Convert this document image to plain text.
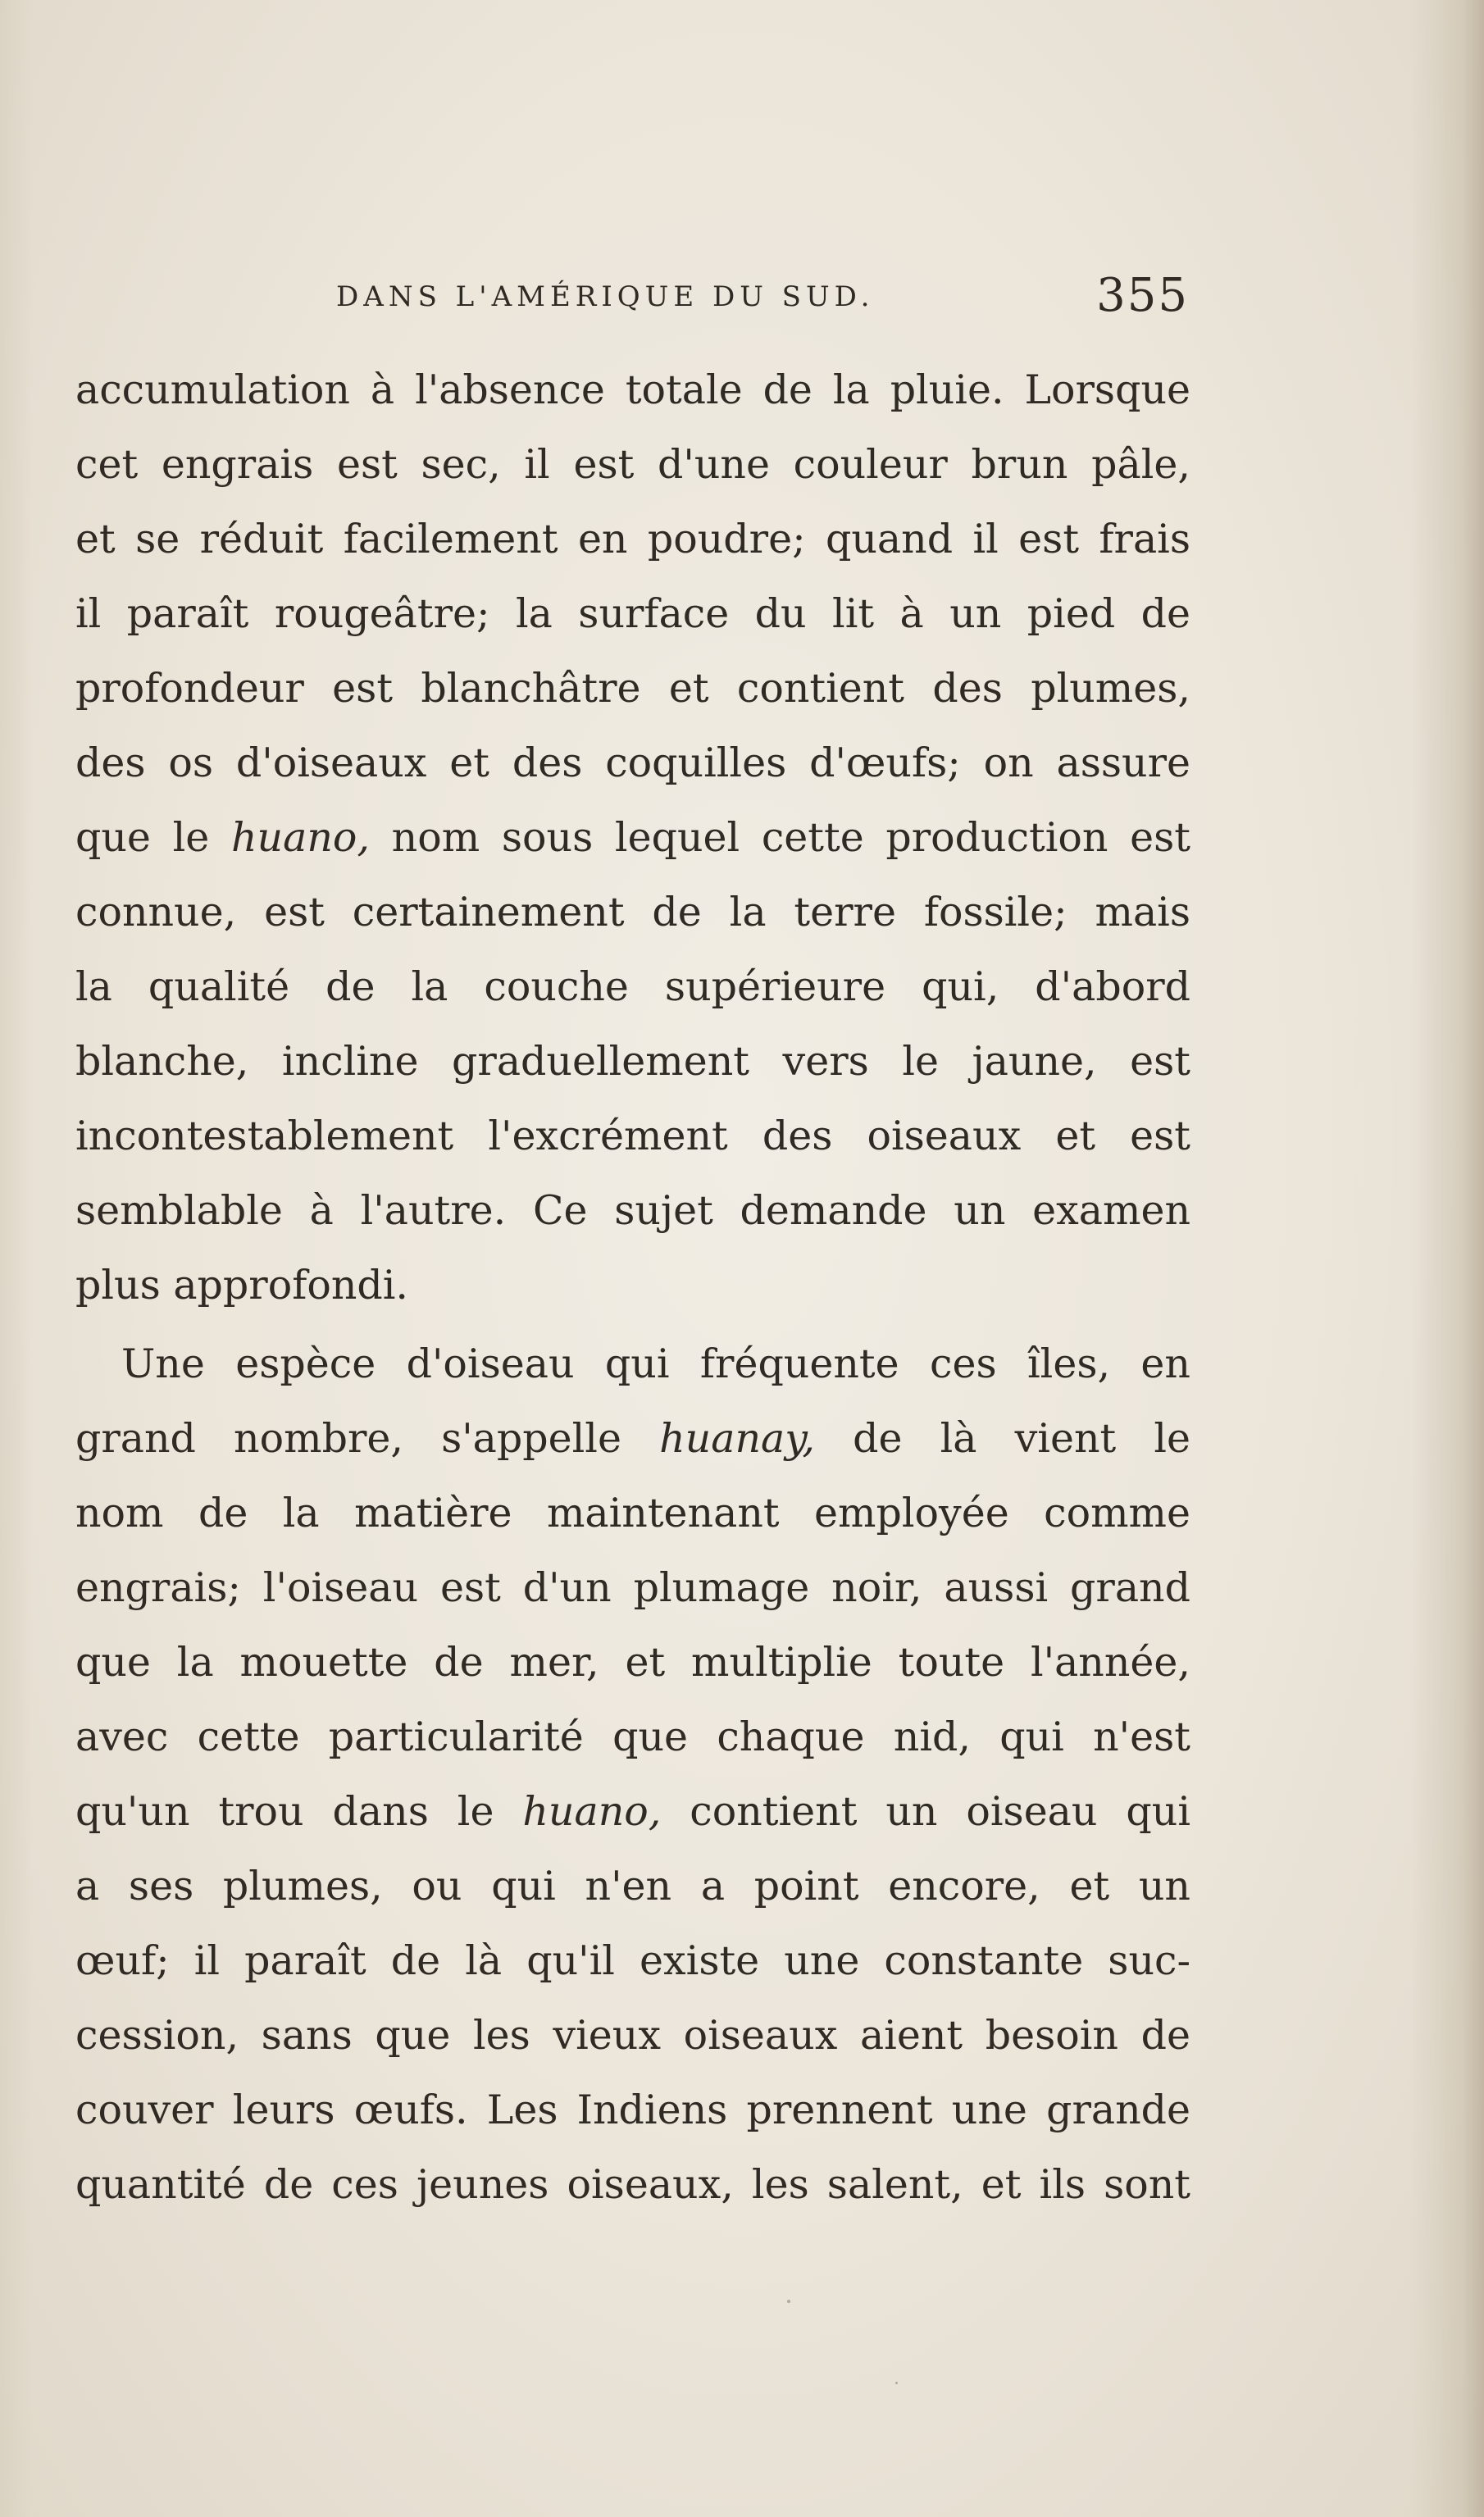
DANS L'AMÉRIQUE DU SUD.	355
accumulation à l'absence totale de la pluie. Lorsque
cet engrais est sec, il est d'une couleur brun pâle,
et se réduit facilement en poudre; quand il est frais
il paraît rougeâtre; la surface du lit à un pied de
profondeur est blanchâtre et contient des plumes,
des os d'oiseaux et des coquilles d'œufs; on assure
que le huano, nom sous lequel cette production est
connue, est certainement de la terre fossile; mais
la qualité de la couche supérieure qui, d'abord
blanche, incline graduellement vers le jaune, est
incontestablement l'excrément des oiseaux et est
semblable à l'autre. Ce sujet demande un examen
plus approfondi.
Une espèce d'oiseau qui fréquente ces îles, en
grand nombre, s'appelle huanay, de là vient le
nom de la matière maintenant employée comme
engrais; l'oiseau est d'un plumage noir, aussi grand
que la mouette de mer, et multiplie toute l'année,
avec cette particularité que chaque nid, qui n'est
qu'un trou dans le huano, contient un oiseau qui
a ses plumes, ou qui n'en a point encore, et un
œuf; il paraît de là qu'il existe une constante suc-
cession, sans que les vieux oiseaux aient besoin de
couver leurs œufs. Les Indiens prennent une grande
quantité de ces jeunes oiseaux, les salent, et ils sont
